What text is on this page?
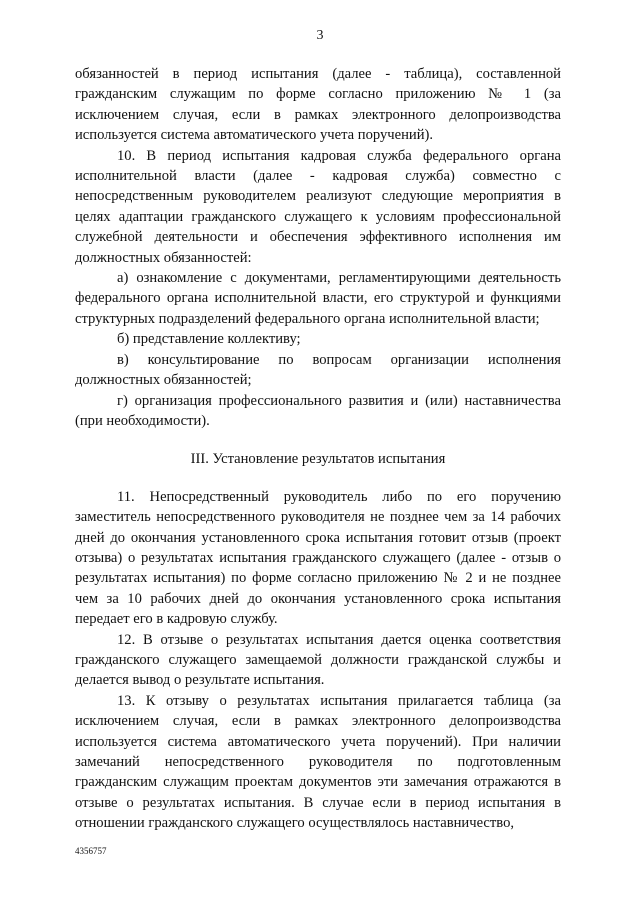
3

обязанностей в период испытания (далее - таблица), составленной гражданским служащим по форме согласно приложению № 1 (за исключением случая, если в рамках электронного делопроизводства используется система автоматического учета поручений).

10. В период испытания кадровая служба федерального органа исполнительной власти (далее - кадровая служба) совместно с непосредственным руководителем реализуют следующие мероприятия в целях адаптации гражданского служащего к условиям профессиональной служебной деятельности и обеспечения эффективного исполнения им должностных обязанностей:

а) ознакомление с документами, регламентирующими деятельность федерального органа исполнительной власти, его структурой и функциями структурных подразделений федерального органа исполнительной власти;

б) представление коллективу;

в) консультирование по вопросам организации исполнения должностных обязанностей;

г) организация профессионального развития и (или) наставничества (при необходимости).

III. Установление результатов испытания

11. Непосредственный руководитель либо по его поручению заместитель непосредственного руководителя не позднее чем за 14 рабочих дней до окончания установленного срока испытания готовит отзыв (проект отзыва) о результатах испытания гражданского служащего (далее - отзыв о результатах испытания) по форме согласно приложению № 2 и не позднее чем за 10 рабочих дней до окончания установленного срока испытания передает его в кадровую службу.

12. В отзыве о результатах испытания дается оценка соответствия гражданского служащего замещаемой должности гражданской службы и делается вывод о результате испытания.

13. К отзыву о результатах испытания прилагается таблица (за исключением случая, если в рамках электронного делопроизводства используется система автоматического учета поручений). При наличии замечаний непосредственного руководителя по подготовленным гражданским служащим проектам документов эти замечания отражаются в отзыве о результатах испытания. В случае если в период испытания в отношении гражданского служащего осуществлялось наставничество,

4356757
